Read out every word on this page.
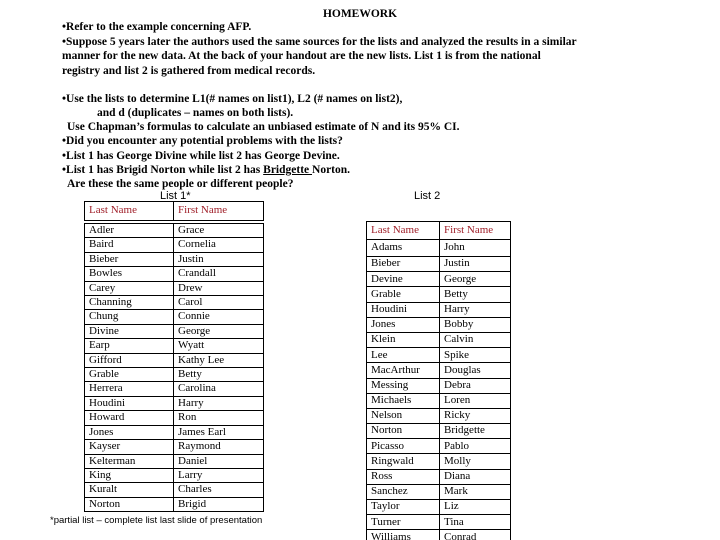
HOMEWORK
•Refer to the example concerning AFP.
•Suppose 5 years later the authors used the same sources for the lists and analyzed the results in a similar
manner for the new data. At the back of your handout are the new lists. List 1 is from the national
registry and list 2 is gathered from medical records.
•Use the lists to determine L1(# names on list1), L2 (# names on list2),
and d (duplicates – names on both lists).
Use Chapman’s formulas to calculate an unbiased estimate of N and its 95% CI.
•Did you encounter any potential problems with the lists?
•List 1 has George Divine while list 2 has George Devine.
•List 1 has Brigid Norton while list 2 has Bridgette Norton.
Are these the same people or different people?
List 1*	List 2
Last Name	First Name
Adler	Grace
Baird	Cornelia
Bieber	Justin
Bowles	Crandall
Carey	Drew
Channing	Carol
Chung	Connie
Divine	George
Earp	Wyatt
Gifford	Kathy Lee
Grable	Betty
Herrera	Carolina
Houdini	Harry
Howard	Ron
Jones	James Earl
Kayser	Raymond
Kelterman	Daniel
King	Larry
Kuralt	Charles
Norton	Brigid
Last Name	First Name
Adams	John
Bieber	Justin
Devine	George
Grable	Betty
Houdini	Harry
Jones	Bobby
Klein	Calvin
Lee	Spike
MacArthur	Douglas
Messing	Debra
Michaels	Loren
Nelson	Ricky
Norton	Bridgette
Picasso	Pablo
Ringwald	Molly
Ross	Diana
Sanchez	Mark
Taylor	Liz
Turner	Tina
Williams	Conrad
*partial list – complete list last slide of presentation
